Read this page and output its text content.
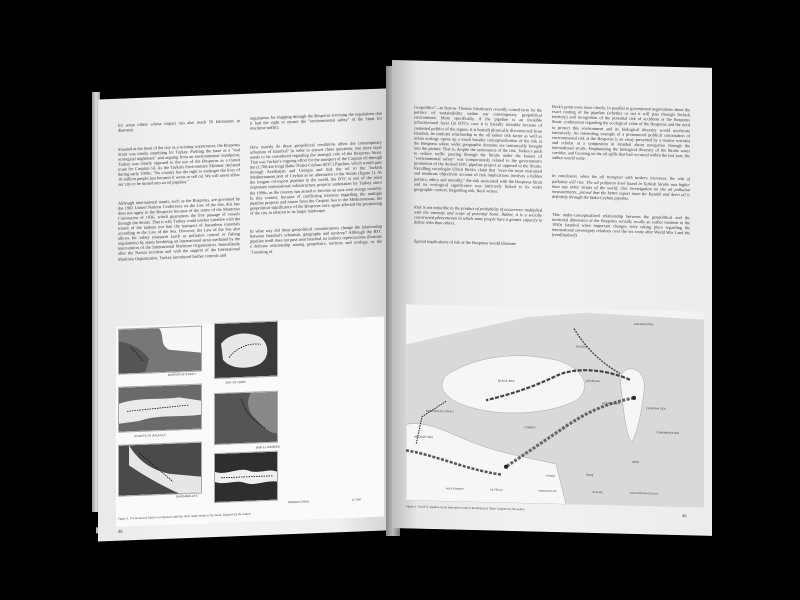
for some others whose impact can also reach 50 kilometers in diameter.

Situated at the heart of the city as a twisting watercourse, the Bosporus Strait was timely stumbling for Turkey. Pushing the issue as a "real ecological nightmare" and arguing from an environmental standpoint, Turkey was clearly opposed to the use of the Bosporus as a transit route for Caspian oil. As the Turkish Environment Minister declared during early 1990s: "No country has the right to endanger the lives of 10 million people just because it wants to sell oil. We will never allow our city to be turned into an oil pipeline."

Although international straits, such as the Bosporus, are governed by the 1982 United Nations Conference on the Law of the Sea, this law does not apply to the Bosporus because of the terms of the Montreux Convention of 1936, which guarantees the free passage of vessels through the Straits. That is why Turkey could neither interfere with the transit of the tankers nor ban the transport of hazardous materials according to the Law of the Sea. However, the Law of the Sea also allows for safety measures (such as pollution control or fishing regulations) by states bordering an international strait mediated by the intervention of the International Maritime Organization. Immediately after the Nassia accident and with the support of the International Maritime Organization, Turkey introduced further controls and

regulations for shipping through the Bosporus (revising the regulations that it had the right to ensure the "environmental safety" of the Strait for maritime traffic).

How exactly do these geopolitical conditions affect the contemporary urbanism of Istanbul? In order to answer these questions, one more layer needs to be considered regarding the strategic role of the Bosporus Strait. That was Turkey's ongoing effort for the transport of the Caspian oil through the (1,768 km long) Baku-Tbilisi-Ceyhan (BTC) Pipeline, which would pass through Azerbaijan and Georgia and link the oil to the Turkish Mediterranean port of Ceyhan as an alternative to the Straits (figure 1). As the longest oil-export pipeline in the world, the BTC is one of the most important transnational infrastructure projects undertaken by Turkey since the 1990s, as the country has aimed to become an east-west energy corridor. In this context, because of conflicting interests regarding the multiple pipeline projects and routes from the Caspian Sea to the Mediterranean, the geopolitical significance of the Bosporus once again affected the positioning of the city in relation to its larger landscape.

In what way did these geopolitical considerations change the relationship between Istanbul's urbanism, geography and territory? Although the BTC pipeline itself does not pass near Istanbul, its indirect repercussions illustrate a delicate relationship among geopolitics, territory and ecology, or the "Greening of

BOSPORUS STRAIT
BAY OF IZMIR
STRAITS OF BALACLA
BAB EL MANDEB
DARDANELLES
Figure 1. The Bosporus Strait in comparison with the other major straits in the world. Diagram by the author.
PANAMA CANAL	1/7 KM
38

Geopolitics"—to borrow Thomas Friedman's recently coined term for the politics of sustainability within our contemporary geopolitical environment. More specifically, if the pipeline is an invisible infrastructural layer (in BTC's case it is literally invisible because of contested politics of the region; it is buried) physically disconnected from Istanbul, its intricate relationship to the oil tanker risk factor as well as urban ecology opens up a much broader conceptualization of the risk at the Bosporus where wider geographic domains are intrinsically brought into the picture. That is, despite the seriousness of the risk, Turkey's push to reduce traffic passing through the Straits under the banner of "environmental safety" was conspicuously related to the government's promotion of the desired BTC pipeline project as opposed to the Straits. Recalling sociologist Ulrich Beck's claim that "even the most restrained and moderate objectivist account of risk implications involves a hidden politics, ethics and morality," the risk associated with the Bosporus Strait and its ecological significance was intricately linked to its wider geographic context. Regarding risk, Beck writes:

Risk is not reducible to the product of probability of occurrence multiplied with the intensity and scope of potential harm. Rather, it is a socially constructed phenomenon in which some people have a greater capacity to define risks than others.

Spatial implications of risk at the Bosporus would illustrate

Beck's point even more clearly. In parallel to government negotiations about the exact routing of the pipeline (whether or not it will pass through Turkish territory) and recognition of the potential risk of accidents at the Bosporus Strait, conferences regarding the ecological value of the Bosporus and the need to protect this environment and its biological diversity would accelerate intensively. An interesting example of a pronounced political connotation of environmental risk at the Bosporus is an essay presented by a marine scientist and scholar at a symposium in Istanbul about navigation through the international straits. Emphasizing the biological diversity of the Straits water corridor, and focusing on the oil spills that had occurred within the last year, the author would write:

In conclusion, when the oil transport with tankers increases, the risk of pollution will rise. The oil pollution level found in Turkish Straits was higher than any other straits of the world. Our investigation on the oil pollution measurements...proved that the better export route for Kazakh and Azeri oil is definitely through the Baku-Ceyhan pipeline.

This under-conceptualized relationship between the geopolitical and the territorial dimension of the Bosporus actually recalls an earlier moment in the 1930s Istanbul when important changes were taking place regarding the international sovereignty relations over the sea route after World War I and the (remilitarized)

KAZAKHSTAN
RUSSIA
BLACK SEA	GEORGIA
AZERBAIJAN
CASPIAN SEA
TURKMENISTAN
TURKEY
IRAN
IRAQ
SYRIA
BOSPORUS STRAIT
AEGEAN SEA
ROUTE MAKER	OIL FIELDS	TANKER ROUTE	PIPELINE	EXPLORATION (2000 km)
Figure 2. The BTC pipeline as an alternative route to the Bosporus Strait. Diagram by the author.
40
